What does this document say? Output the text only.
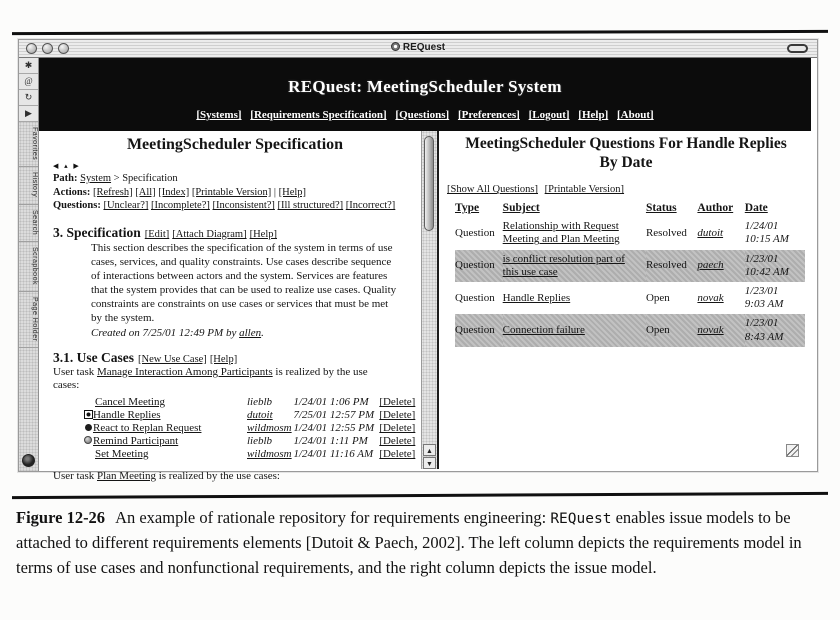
REQuest
✱
@
↻
▶
Favorites
History
Search
Scrapbook
Page Holder
REQuest: MeetingScheduler System
[Systems] [Requirements Specification] [Questions] [Preferences] [Logout] [Help] [About]
MeetingScheduler Specification
◀ ▴ ▶
Path: System > Specification
Actions: [Refresh] [All] [Index] [Printable Version] | [Help]
Questions: [Unclear?] [Incomplete?] [Inconsistent?] [Ill structured?] [Incorrect?]
3. Specification [Edit] [Attach Diagram] [Help]
This section describes the specification of the system in terms of use cases, services, and quality constraints. Use cases describe sequence of interactions between actors and the system. Services are features that the system provides that can be used to realize use cases. Quality constraints are constraints on use cases or services that must be met by the system.
Created on 7/25/01 12:49 PM by allen.
3.1. Use Cases [New Use Case] [Help]
User task Manage Interaction Among Participants is realized by the use cases:
Cancel Meeting	lieblb	1/24/01 1:06 PM	[Delete]
Handle Replies	dutoit	7/25/01 12:57 PM	[Delete]
React to Replan Request	wildmosm	1/24/01 12:55 PM	[Delete]
Remind Participant	lieblb	1/24/01 1:11 PM	[Delete]
Set Meeting	wildmosm	1/24/01 11:16 AM	[Delete]
User task Plan Meeting is realized by the use cases:
▲
▼
MeetingScheduler Questions For Handle Replies
By Date
[Show All Questions] [Printable Version]
Type	Subject	Status	Author	Date
Question	Relationship with Request Meeting and Plan Meeting	Resolved	dutoit	1/24/01 10:15 AM
Question	is conflict resolution part of this use case	Resolved	paech	1/23/01 10:42 AM
Question	Handle Replies	Open	novak	1/23/01 9:03 AM
Question	Connection failure	Open	novak	1/23/01 8:43 AM

Figure 12-26 An example of rationale repository for requirements engineering: REQuest enables issue models to be attached to different requirements elements [Dutoit & Paech, 2002]. The left column depicts the requirements model in terms of use cases and nonfunctional requirements, and the right column depicts the issue model.
